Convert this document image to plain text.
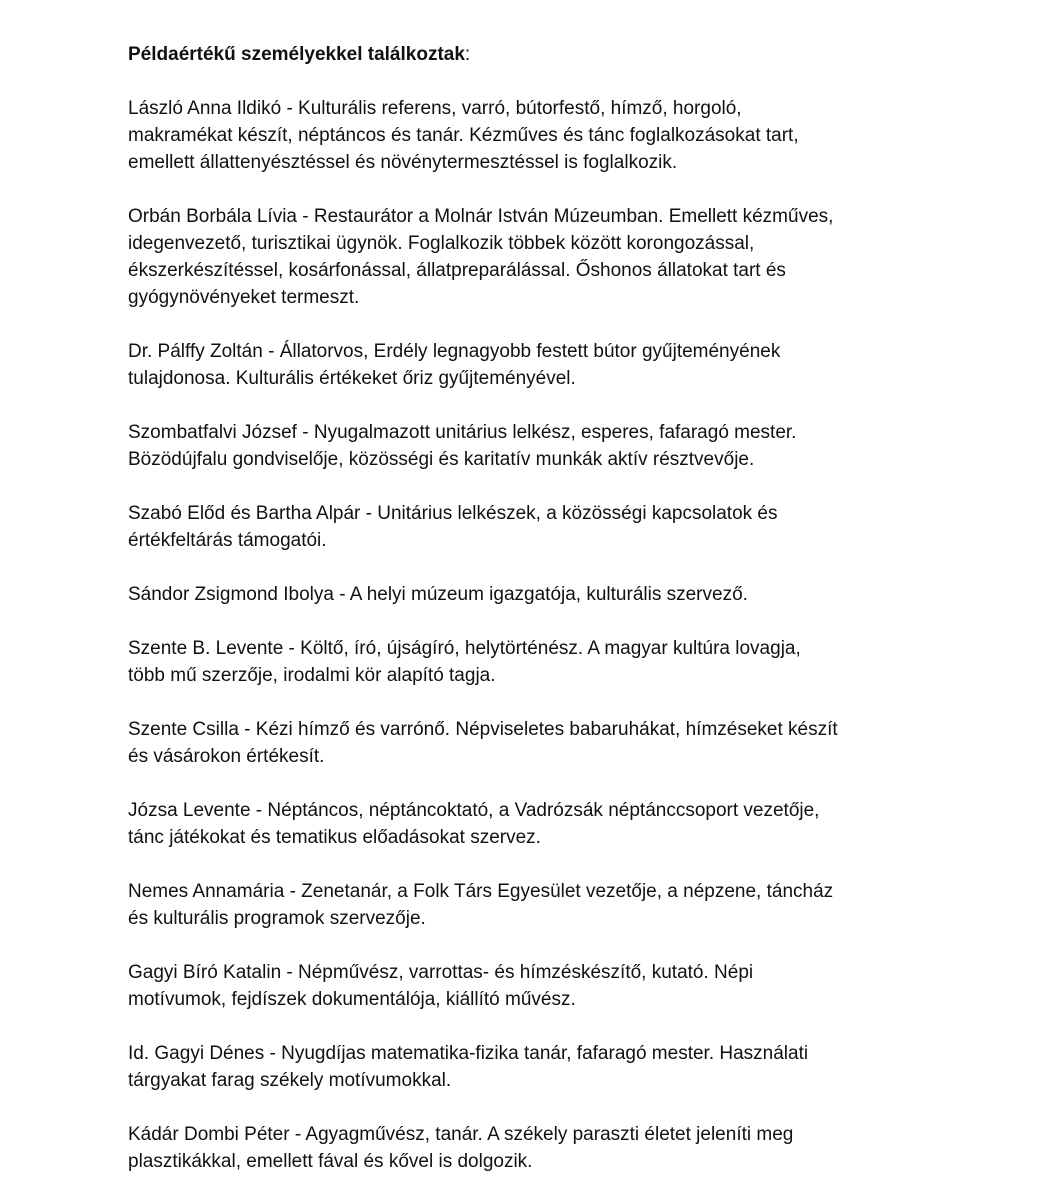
Példaértékű személyekkel találkoztak:

László Anna Ildikó - Kulturális referens, varró, bútorfestő, hímző, horgoló,
makramékat készít, néptáncos és tanár. Kézműves és tánc foglalkozásokat tart,
emellett állattenyésztéssel és növénytermesztéssel is foglalkozik.

Orbán Borbála Lívia - Restaurátor a Molnár István Múzeumban. Emellett kézműves,
idegenvezető, turisztikai ügynök. Foglalkozik többek között korongozással,
ékszerkészítéssel, kosárfonással, állatpreparálással. Őshonos állatokat tart és
gyógynövényeket termeszt.

Dr. Pálffy Zoltán - Állatorvos, Erdély legnagyobb festett bútor gyűjteményének
tulajdonosa. Kulturális értékeket őriz gyűjteményével.

Szombatfalvi József - Nyugalmazott unitárius lelkész, esperes, fafaragó mester.
Bözödújfalu gondviselője, közösségi és karitatív munkák aktív résztvevője.

Szabó Előd és Bartha Alpár - Unitárius lelkészek, a közösségi kapcsolatok és
értékfeltárás támogatói.

Sándor Zsigmond Ibolya - A helyi múzeum igazgatója, kulturális szervező.

Szente B. Levente - Költő, író, újságíró, helytörténész. A magyar kultúra lovagja,
több mű szerzője, irodalmi kör alapító tagja.

Szente Csilla - Kézi hímző és varrónő. Népviseletes babaruhákat, hímzéseket készít
és vásárokon értékesít.

Józsa Levente - Néptáncos, néptáncoktató, a Vadrózsák néptánccsoport vezetője,
tánc játékokat és tematikus előadásokat szervez.

Nemes Annamária - Zenetanár, a Folk Társ Egyesület vezetője, a népzene, táncház
és kulturális programok szervezője.

Gagyi Bíró Katalin - Népművész, varrottas- és hímzéskészítő, kutató. Népi
motívumok, fejdíszek dokumentálója, kiállító művész.

Id. Gagyi Dénes - Nyugdíjas matematika-fizika tanár, fafaragó mester. Használati
tárgyakat farag székely motívumokkal.

Kádár Dombi Péter - Agyagművész, tanár. A székely paraszti életet jeleníti meg
plasztikákkal, emellett fával és kővel is dolgozik.
